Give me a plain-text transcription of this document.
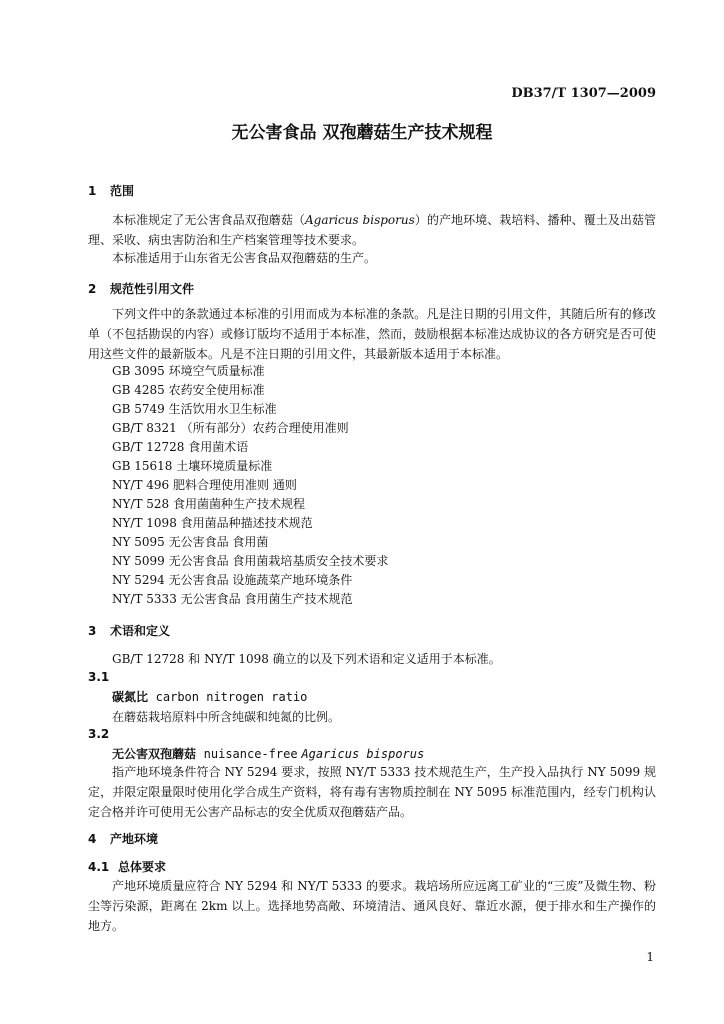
DB37/T 1307—2009
无公害食品 双孢蘑菇生产技术规程
1 范围
本标准规定了无公害食品双孢蘑菇（Agaricus bisporus）的产地环境、栽培料、播种、覆土及出菇管理、采收、病虫害防治和生产档案管理等技术要求。
本标准适用于山东省无公害食品双孢蘑菇的生产。
2 规范性引用文件
下列文件中的条款通过本标准的引用而成为本标准的条款。凡是注日期的引用文件，其随后所有的修改单（不包括勘误的内容）或修订版均不适用于本标准，然而，鼓励根据本标准达成协议的各方研究是否可使用这些文件的最新版本。凡是不注日期的引用文件，其最新版本适用于本标准。
GB 3095 环境空气质量标准
GB 4285 农药安全使用标准
GB 5749 生活饮用水卫生标准
GB/T 8321 （所有部分）农药合理使用准则
GB/T 12728 食用菌术语
GB 15618 土壤环境质量标准
NY/T 496 肥料合理使用准则 通则
NY/T 528 食用菌菌种生产技术规程
NY/T 1098 食用菌品种描述技术规范
NY 5095 无公害食品 食用菌
NY 5099 无公害食品 食用菌栽培基质安全技术要求
NY 5294 无公害食品 设施蔬菜产地环境条件
NY/T 5333 无公害食品 食用菌生产技术规范
3 术语和定义
GB/T 12728 和 NY/T 1098 确立的以及下列术语和定义适用于本标准。
3.1
碳氮比 carbon nitrogen ratio
在蘑菇栽培原料中所含纯碳和纯氮的比例。
3.2
无公害双孢蘑菇 nuisance-free Agaricus bisporus
指产地环境条件符合 NY 5294 要求，按照 NY/T 5333 技术规范生产，生产投入品执行 NY 5099 规定，并限定限量限时使用化学合成生产资料，将有毒有害物质控制在 NY 5095 标准范围内，经专门机构认定合格并许可使用无公害产品标志的安全优质双孢蘑菇产品。
4 产地环境
4.1 总体要求
产地环境质量应符合 NY 5294 和 NY/T 5333 的要求。栽培场所应远离工矿业的“三废”及微生物、粉尘等污染源，距离在 2km 以上。选择地势高敞、环境清洁、通风良好、靠近水源，便于排水和生产操作的地方。
1
